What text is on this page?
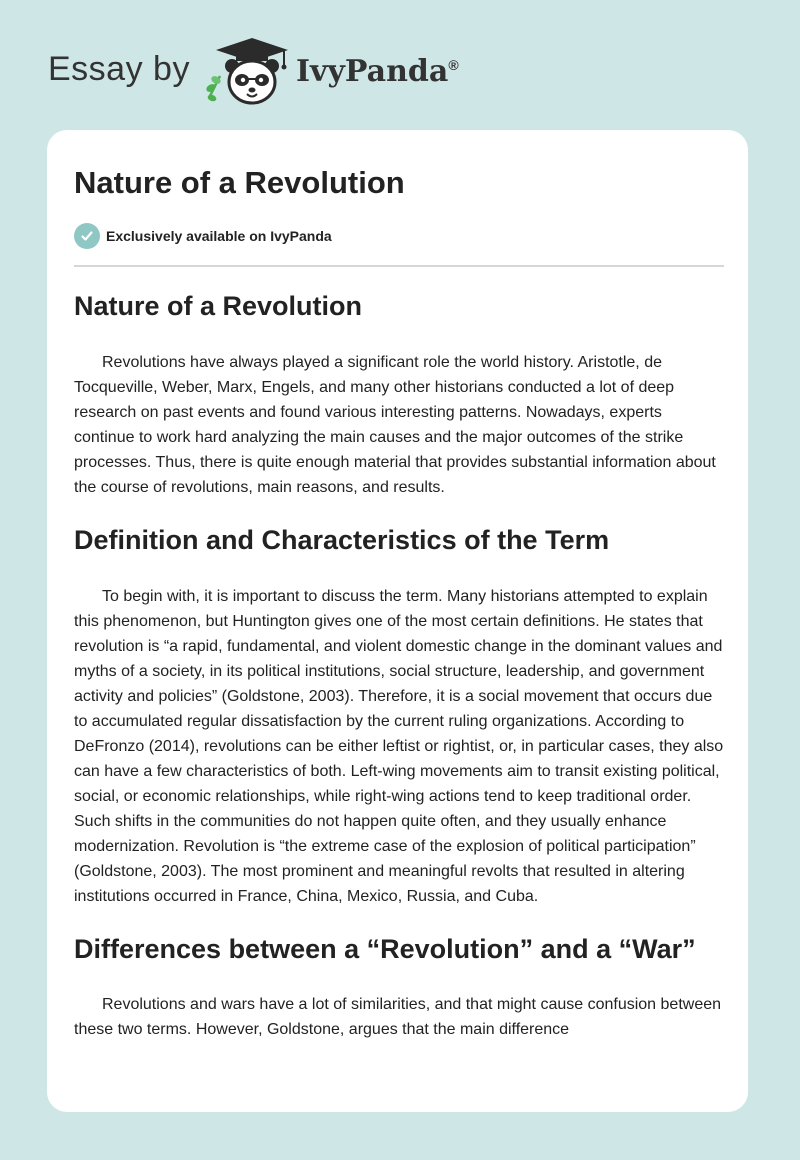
Essay by	IvyPanda®
Nature of a Revolution
Exclusively available on IvyPanda
Nature of a Revolution

Revolutions have always played a significant role the world history. Aristotle, de Tocqueville, Weber, Marx, Engels, and many other historians conducted a lot of deep research on past events and found various interesting patterns. Nowadays, experts continue to work hard analyzing the main causes and the major outcomes of the strike processes. Thus, there is quite enough material that provides substantial information about the course of revolutions, main reasons, and results.

Definition and Characteristics of the Term

To begin with, it is important to discuss the term. Many historians attempted to explain this phenomenon, but Huntington gives one of the most certain definitions. He states that revolution is “a rapid, fundamental, and violent domestic change in the dominant values and myths of a society, in its political institutions, social structure, leadership, and government activity and policies” (Goldstone, 2003). Therefore, it is a social movement that occurs due to accumulated regular dissatisfaction by the current ruling organizations. According to DeFronzo (2014), revolutions can be either leftist or rightist, or, in particular cases, they also can have a few characteristics of both. Left-wing movements aim to transit existing political, social, or economic relationships, while right-wing actions tend to keep traditional order. Such shifts in the communities do not happen quite often, and they usually enhance modernization. Revolution is “the extreme case of the explosion of political participation” (Goldstone, 2003). The most prominent and meaningful revolts that resulted in altering institutions occurred in France, China, Mexico, Russia, and Cuba.

Differences between a “Revolution” and a “War”

Revolutions and wars have a lot of similarities, and that might cause confusion between these two terms. However, Goldstone, argues that the main difference
